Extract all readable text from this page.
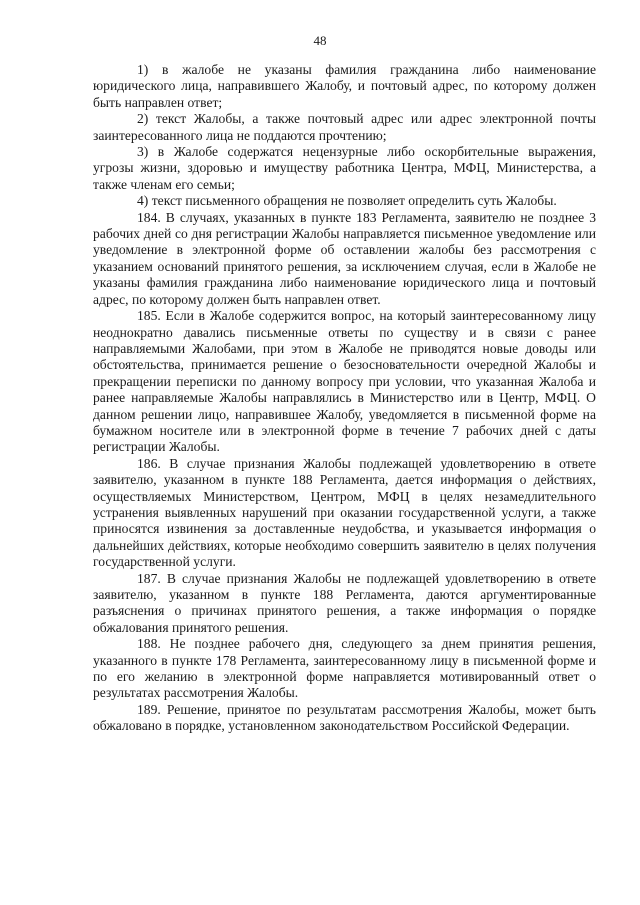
48

1) в жалобе не указаны фамилия гражданина либо наименование юридического лица, направившего Жалобу, и почтовый адрес, по которому должен быть направлен ответ;

2) текст Жалобы, а также почтовый адрес или адрес электронной почты заинтересованного лица не поддаются прочтению;

3) в Жалобе содержатся нецензурные либо оскорбительные выражения, угрозы жизни, здоровью и имуществу работника Центра, МФЦ, Министерства, а также членам его семьи;

4) текст письменного обращения не позволяет определить суть Жалобы.

184. В случаях, указанных в пункте 183 Регламента, заявителю не позднее 3 рабочих дней со дня регистрации Жалобы направляется письменное уведомление или уведомление в электронной форме об оставлении жалобы без рассмотрения с указанием оснований принятого решения, за исключением случая, если в Жалобе не указаны фамилия гражданина либо наименование юридического лица и почтовый адрес, по которому должен быть направлен ответ.

185. Если в Жалобе содержится вопрос, на который заинтересованному лицу неоднократно давались письменные ответы по существу и в связи с ранее направляемыми Жалобами, при этом в Жалобе не приводятся новые доводы или обстоятельства, принимается решение о безосновательности очередной Жалобы и прекращении переписки по данному вопросу при условии, что указанная Жалоба и ранее направляемые Жалобы направлялись в Министерство или в Центр, МФЦ. О данном решении лицо, направившее Жалобу, уведомляется в письменной форме на бумажном носителе или в электронной форме в течение 7 рабочих дней с даты регистрации Жалобы.

186. В случае признания Жалобы подлежащей удовлетворению в ответе заявителю, указанном в пункте 188 Регламента, дается информация о действиях, осуществляемых Министерством, Центром, МФЦ в целях незамедлительного устранения выявленных нарушений при оказании государственной услуги, а также приносятся извинения за доставленные неудобства, и указывается информация о дальнейших действиях, которые необходимо совершить заявителю в целях получения государственной услуги.

187. В случае признания Жалобы не подлежащей удовлетворению в ответе заявителю, указанном в пункте 188 Регламента, даются аргументированные разъяснения о причинах принятого решения, а также информация о порядке обжалования принятого решения.

188. Не позднее рабочего дня, следующего за днем принятия решения, указанного в пункте 178 Регламента, заинтересованному лицу в письменной форме и по его желанию в электронной форме направляется мотивированный ответ о результатах рассмотрения Жалобы.

189. Решение, принятое по результатам рассмотрения Жалобы, может быть обжаловано в порядке, установленном законодательством Российской Федерации.
